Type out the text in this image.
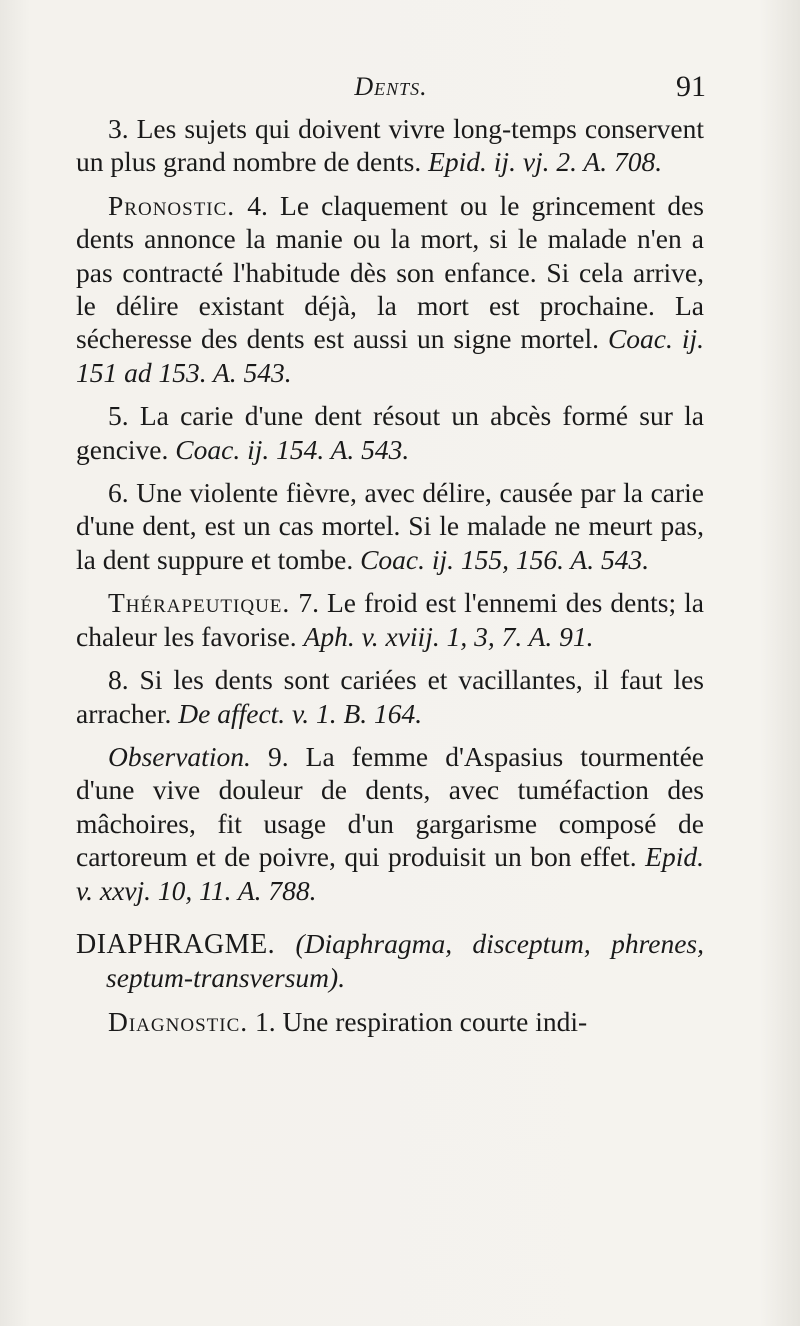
Dents.	91

3. Les sujets qui doivent vivre long-temps conservent un plus grand nombre de dents. Epid. ij. vj. 2. A. 708.

Pronostic. 4. Le claquement ou le grincement des dents annonce la manie ou la mort, si le malade n'en a pas contracté l'habitude dès son enfance. Si cela arrive, le délire existant déjà, la mort est prochaine. La sécheresse des dents est aussi un signe mortel. Coac. ij. 151 ad 153. A. 543.

5. La carie d'une dent résout un abcès formé sur la gencive. Coac. ij. 154. A. 543.

6. Une violente fièvre, avec délire, causée par la carie d'une dent, est un cas mortel. Si le malade ne meurt pas, la dent suppure et tombe. Coac. ij. 155, 156. A. 543.

Thérapeutique. 7. Le froid est l'ennemi des dents; la chaleur les favorise. Aph. v. xviij. 1, 3, 7. A. 91.

8. Si les dents sont cariées et vacillantes, il faut les arracher. De affect. v. 1. B. 164.

Observation. 9. La femme d'Aspasius tourmentée d'une vive douleur de dents, avec tuméfaction des mâchoires, fit usage d'un gargarisme composé de cartoreum et de poivre, qui produisit un bon effet. Epid. v. xxvj. 10, 11. A. 788.

DIAPHRAGME. (Diaphragma, disceptum, phrenes, septum-transversum).

Diagnostic. 1. Une respiration courte indi-
